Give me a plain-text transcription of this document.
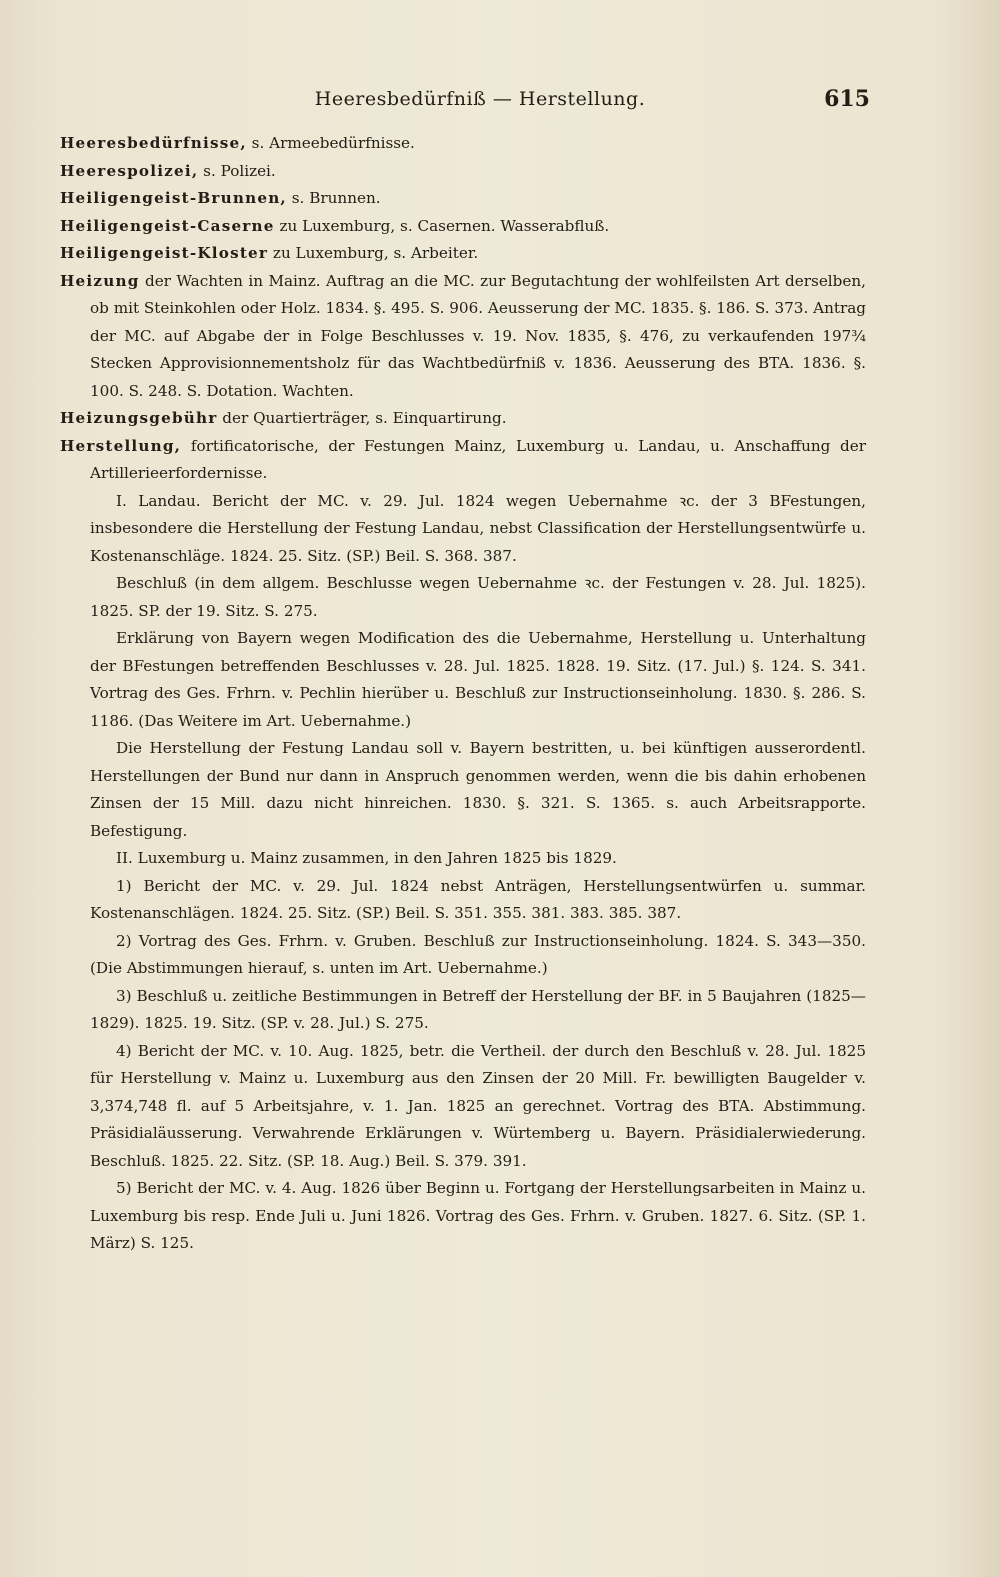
Heeresbedürfniß — Herstellung.	615

Heeresbedürfnisse, s. Armeebedürfnisse.

Heerespolizei, s. Polizei.

Heiligengeist-Brunnen, s. Brunnen.

Heiligengeist-Caserne zu Luxemburg, s. Casernen. Wasserabfluß.

Heiligengeist-Kloster zu Luxemburg, s. Arbeiter.

Heizung der Wachten in Mainz. Auftrag an die MC. zur Begutachtung der wohlfeilsten Art derselben, ob mit Steinkohlen oder Holz. 1834. §. 495. S. 906. Aeusserung der MC. 1835. §. 186. S. 373. Antrag der MC. auf Abgabe der in Folge Beschlusses v. 19. Nov. 1835, §. 476, zu verkaufenden 197¾ Stecken Approvisionnementsholz für das Wachtbedürfniß v. 1836. Aeusserung des BTA. 1836. §. 100. S. 248. S. Dotation. Wachten.

Heizungsgebühr der Quartierträger, s. Einquartirung.

Herstellung, fortificatorische, der Festungen Mainz, Luxemburg u. Landau, u. Anschaffung der Artillerieerfordernisse.

I. Landau. Bericht der MC. v. 29. Jul. 1824 wegen Uebernahme ꝛc. der 3 BFestungen, insbesondere die Herstellung der Festung Landau, nebst Classification der Herstellungsentwürfe u. Kostenanschläge. 1824. 25. Sitz. (SP.) Beil. S. 368. 387.

Beschluß (in dem allgem. Beschlusse wegen Uebernahme ꝛc. der Festungen v. 28. Jul. 1825). 1825. SP. der 19. Sitz. S. 275.

Erklärung von Bayern wegen Modification des die Uebernahme, Herstellung u. Unterhaltung der BFestungen betreffenden Beschlusses v. 28. Jul. 1825. 1828. 19. Sitz. (17. Jul.) §. 124. S. 341. Vortrag des Ges. Frhrn. v. Pechlin hierüber u. Beschluß zur Instructionseinholung. 1830. §. 286. S. 1186. (Das Weitere im Art. Uebernahme.)

Die Herstellung der Festung Landau soll v. Bayern bestritten, u. bei künftigen ausserordentl. Herstellungen der Bund nur dann in Anspruch genommen werden, wenn die bis dahin erhobenen Zinsen der 15 Mill. dazu nicht hinreichen. 1830. §. 321. S. 1365. s. auch Arbeitsrapporte. Befestigung.

II. Luxemburg u. Mainz zusammen, in den Jahren 1825 bis 1829.

1) Bericht der MC. v. 29. Jul. 1824 nebst Anträgen, Herstellungsentwürfen u. summar. Kostenanschlägen. 1824. 25. Sitz. (SP.) Beil. S. 351. 355. 381. 383. 385. 387.

2) Vortrag des Ges. Frhrn. v. Gruben. Beschluß zur Instructionseinholung. 1824. S. 343—350. (Die Abstimmungen hierauf, s. unten im Art. Uebernahme.)

3) Beschluß u. zeitliche Bestimmungen in Betreff der Herstellung der BF. in 5 Baujahren (1825—1829). 1825. 19. Sitz. (SP. v. 28. Jul.) S. 275.

4) Bericht der MC. v. 10. Aug. 1825, betr. die Vertheil. der durch den Beschluß v. 28. Jul. 1825 für Herstellung v. Mainz u. Luxemburg aus den Zinsen der 20 Mill. Fr. bewilligten Baugelder v. 3,374,748 fl. auf 5 Arbeitsjahre, v. 1. Jan. 1825 an gerechnet. Vortrag des BTA. Abstimmung. Präsidialäusserung. Verwahrende Erklärungen v. Würtemberg u. Bayern. Präsidialerwiederung. Beschluß. 1825. 22. Sitz. (SP. 18. Aug.) Beil. S. 379. 391.

5) Bericht der MC. v. 4. Aug. 1826 über Beginn u. Fortgang der Herstellungsarbeiten in Mainz u. Luxemburg bis resp. Ende Juli u. Juni 1826. Vortrag des Ges. Frhrn. v. Gruben. 1827. 6. Sitz. (SP. 1. März) S. 125.
